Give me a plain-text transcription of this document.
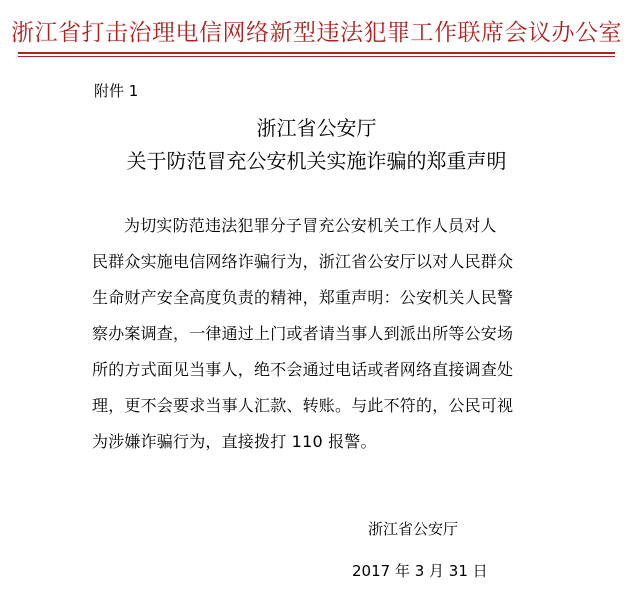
浙江省打击治理电信网络新型违法犯罪工作联席会议办公室
附件 1
浙江省公安厅
关于防范冒充公安机关实施诈骗的郑重声明
为切实防范违法犯罪分子冒充公安机关工作人员对人
民群众实施电信网络诈骗行为，浙江省公安厅以对人民群众
生命财产安全高度负责的精神，郑重声明：公安机关人民警
察办案调查，一律通过上门或者请当事人到派出所等公安场
所的方式面见当事人，绝不会通过电话或者网络直接调查处
理，更不会要求当事人汇款、转账。与此不符的，公民可视
为涉嫌诈骗行为，直接拨打 110 报警。
浙江省公安厅
2017 年 3 月 31 日
